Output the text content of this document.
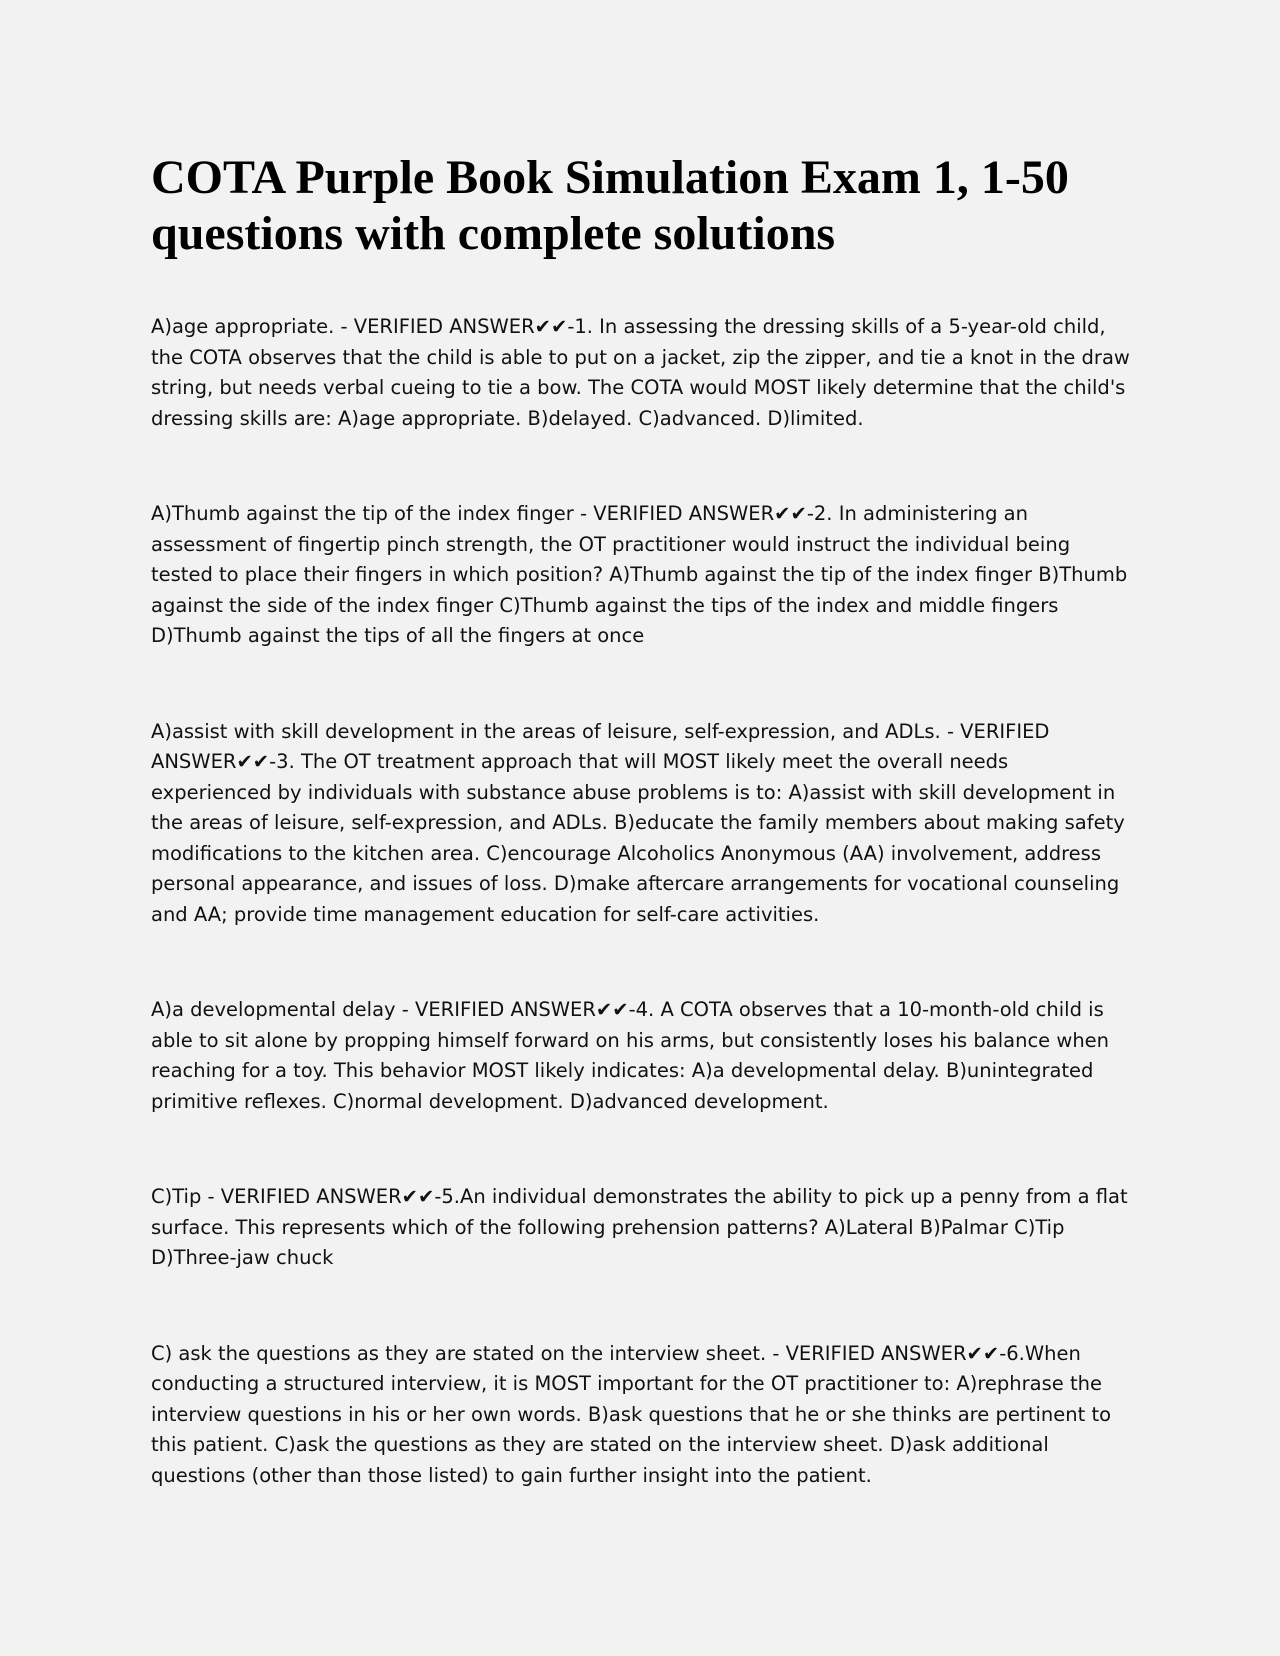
COTA Purple Book Simulation Exam 1, 1-50 questions with complete solutions

A)age appropriate. - VERIFIED ANSWER✔✔-1. In assessing the dressing skills of a 5-year-old child, the COTA observes that the child is able to put on a jacket, zip the zipper, and tie a knot in the draw string, but needs verbal cueing to tie a bow. The COTA would MOST likely determine that the child's dressing skills are: A)age appropriate. B)delayed. C)advanced. D)limited.

A)Thumb against the tip of the index finger - VERIFIED ANSWER✔✔-2. In administering an assessment of fingertip pinch strength, the OT practitioner would instruct the individual being tested to place their fingers in which position? A)Thumb against the tip of the index finger B)Thumb against the side of the index finger C)Thumb against the tips of the index and middle fingers D)Thumb against the tips of all the fingers at once

A)assist with skill development in the areas of leisure, self-expression, and ADLs. - VERIFIED ANSWER✔✔-3. The OT treatment approach that will MOST likely meet the overall needs experienced by individuals with substance abuse problems is to: A)assist with skill development in the areas of leisure, self-expression, and ADLs. B)educate the family members about making safety modifications to the kitchen area. C)encourage Alcoholics Anonymous (AA) involvement, address personal appearance, and issues of loss. D)make aftercare arrangements for vocational counseling and AA; provide time management education for self-care activities.

A)a developmental delay - VERIFIED ANSWER✔✔-4. A COTA observes that a 10-month-old child is able to sit alone by propping himself forward on his arms, but consistently loses his balance when reaching for a toy. This behavior MOST likely indicates: A)a developmental delay. B)unintegrated primitive reflexes. C)normal development. D)advanced development.

C)Tip - VERIFIED ANSWER✔✔-5.An individual demonstrates the ability to pick up a penny from a flat surface. This represents which of the following prehension patterns? A)Lateral B)Palmar C)Tip D)Three-jaw chuck

C) ask the questions as they are stated on the interview sheet. - VERIFIED ANSWER✔✔-6.When conducting a structured interview, it is MOST important for the OT practitioner to: A)rephrase the interview questions in his or her own words. B)ask questions that he or she thinks are pertinent to this patient. C)ask the questions as they are stated on the interview sheet. D)ask additional questions (other than those listed) to gain further insight into the patient.
